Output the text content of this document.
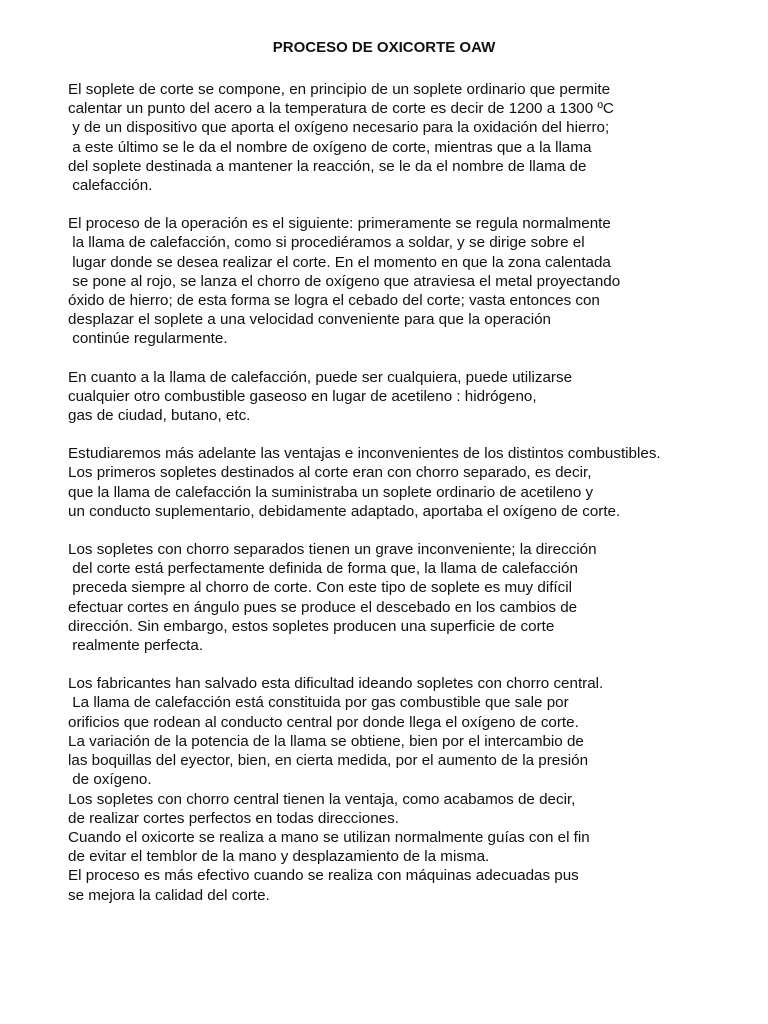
PROCESO DE OXICORTE OAW
El soplete de corte se compone, en principio de un soplete ordinario que permite
calentar un punto del acero a la temperatura de corte es decir de 1200 a 1300 ºC
y de un dispositivo que aporta el oxígeno necesario para la oxidación del hierro;
a este último se le da el nombre de oxígeno de corte, mientras que a la llama
del soplete destinada a mantener la reacción, se le da el nombre de llama de
calefacción.
El proceso de la operación es el siguiente: primeramente se regula normalmente
la llama de calefacción, como si procediéramos a soldar, y se dirige sobre el
lugar donde se desea realizar el corte. En el momento en que la zona calentada
se pone al rojo, se lanza el chorro de oxígeno que atraviesa el metal proyectando
óxido de hierro; de esta forma se logra el cebado del corte; vasta entonces con
desplazar el soplete a una velocidad conveniente para que la operación
continúe regularmente.
En cuanto a la llama de calefacción, puede ser cualquiera, puede utilizarse
cualquier otro combustible gaseoso en lugar de acetileno : hidrógeno,
gas de ciudad, butano, etc.
Estudiaremos más adelante las ventajas e inconvenientes de los distintos combustibles.
Los primeros sopletes destinados al corte eran con chorro separado, es decir,
que la llama de calefacción la suministraba un soplete ordinario de acetileno y
un conducto suplementario, debidamente adaptado, aportaba el oxígeno de corte.
Los sopletes con chorro separados tienen un grave inconveniente; la dirección
del corte está perfectamente definida de forma que, la llama de calefacción
preceda siempre al chorro de corte. Con este tipo de soplete es muy difícil
efectuar cortes en ángulo pues se produce el descebado en los cambios de
dirección. Sin embargo, estos sopletes producen una superficie de corte
realmente perfecta.
Los fabricantes han salvado esta dificultad ideando sopletes con chorro central.
La llama de calefacción está constituida por gas combustible que sale por
orificios que rodean al conducto central por donde llega el oxígeno de corte.
La variación de la potencia de la llama se obtiene, bien por el intercambio de
las boquillas del eyector, bien, en cierta medida, por el aumento de la presión
de oxígeno.
Los sopletes con chorro central tienen la ventaja, como acabamos de decir,
de realizar cortes perfectos en todas direcciones.
Cuando el oxicorte se realiza a mano se utilizan normalmente guías con el fin
de evitar el temblor de la mano y desplazamiento de la misma.
El proceso es más efectivo cuando se realiza con máquinas adecuadas pus
se mejora la calidad del corte.
